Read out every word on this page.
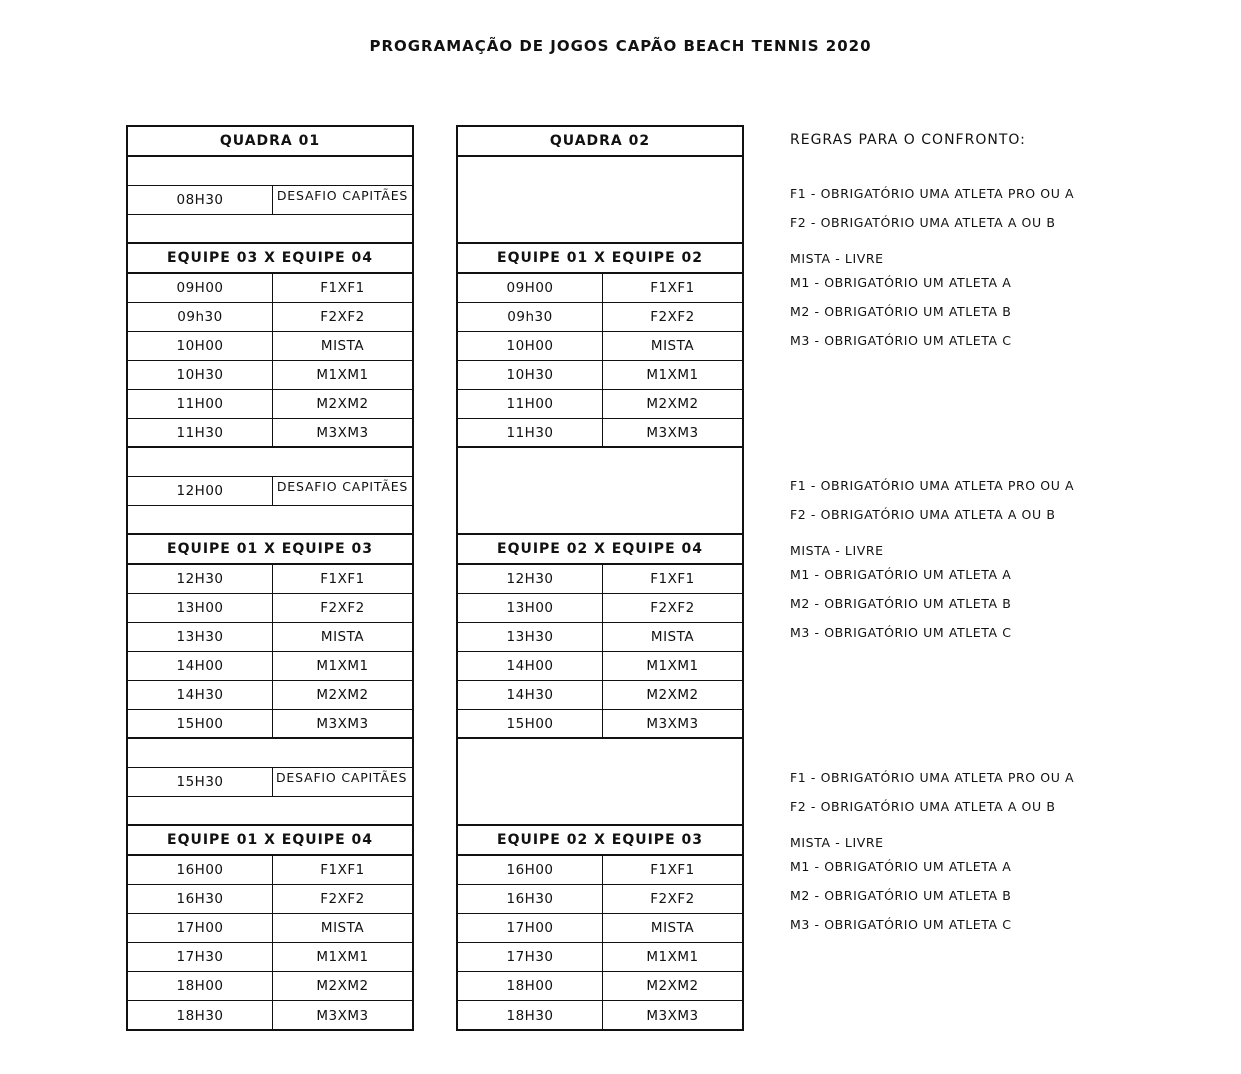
PROGRAMAÇÃO DE JOGOS CAPÃO BEACH TENNIS 2020
QUADRA 01
08H30	DESAFIO CAPITÃES
EQUIPE 03 X EQUIPE 04
09H00	F1XF1
09h30	F2XF2
10H00	MISTA
10H30	M1XM1
11H00	M2XM2
11H30	M3XM3
12H00	DESAFIO CAPITÃES
EQUIPE 01 X EQUIPE 03
12H30	F1XF1
13H00	F2XF2
13H30	MISTA
14H00	M1XM1
14H30	M2XM2
15H00	M3XM3
15H30	DESAFIO CAPITÃES
EQUIPE 01 X EQUIPE 04
16H00	F1XF1
16H30	F2XF2
17H00	MISTA
17H30	M1XM1
18H00	M2XM2
18H30	M3XM3
QUADRA 02
EQUIPE 01 X EQUIPE 02
09H00	F1XF1
09h30	F2XF2
10H00	MISTA
10H30	M1XM1
11H00	M2XM2
11H30	M3XM3
EQUIPE 02 X EQUIPE 04
12H30	F1XF1
13H00	F2XF2
13H30	MISTA
14H00	M1XM1
14H30	M2XM2
15H00	M3XM3
EQUIPE 02 X EQUIPE 03
16H00	F1XF1
16H30	F2XF2
17H00	MISTA
17H30	M1XM1
18H00	M2XM2
18H30	M3XM3
REGRAS PARA O CONFRONTO:
F1 - OBRIGATÓRIO UMA ATLETA PRO OU A
F2 - OBRIGATÓRIO UMA ATLETA A OU B
MISTA - LIVRE
M1 - OBRIGATÓRIO UM ATLETA A
M2 - OBRIGATÓRIO UM ATLETA B
M3 - OBRIGATÓRIO UM ATLETA C
F1 - OBRIGATÓRIO UMA ATLETA PRO OU A
F2 - OBRIGATÓRIO UMA ATLETA A OU B
MISTA - LIVRE
M1 - OBRIGATÓRIO UM ATLETA A
M2 - OBRIGATÓRIO UM ATLETA B
M3 - OBRIGATÓRIO UM ATLETA C
F1 - OBRIGATÓRIO UMA ATLETA PRO OU A
F2 - OBRIGATÓRIO UMA ATLETA A OU B
MISTA - LIVRE
M1 - OBRIGATÓRIO UM ATLETA A
M2 - OBRIGATÓRIO UM ATLETA B
M3 - OBRIGATÓRIO UM ATLETA C
